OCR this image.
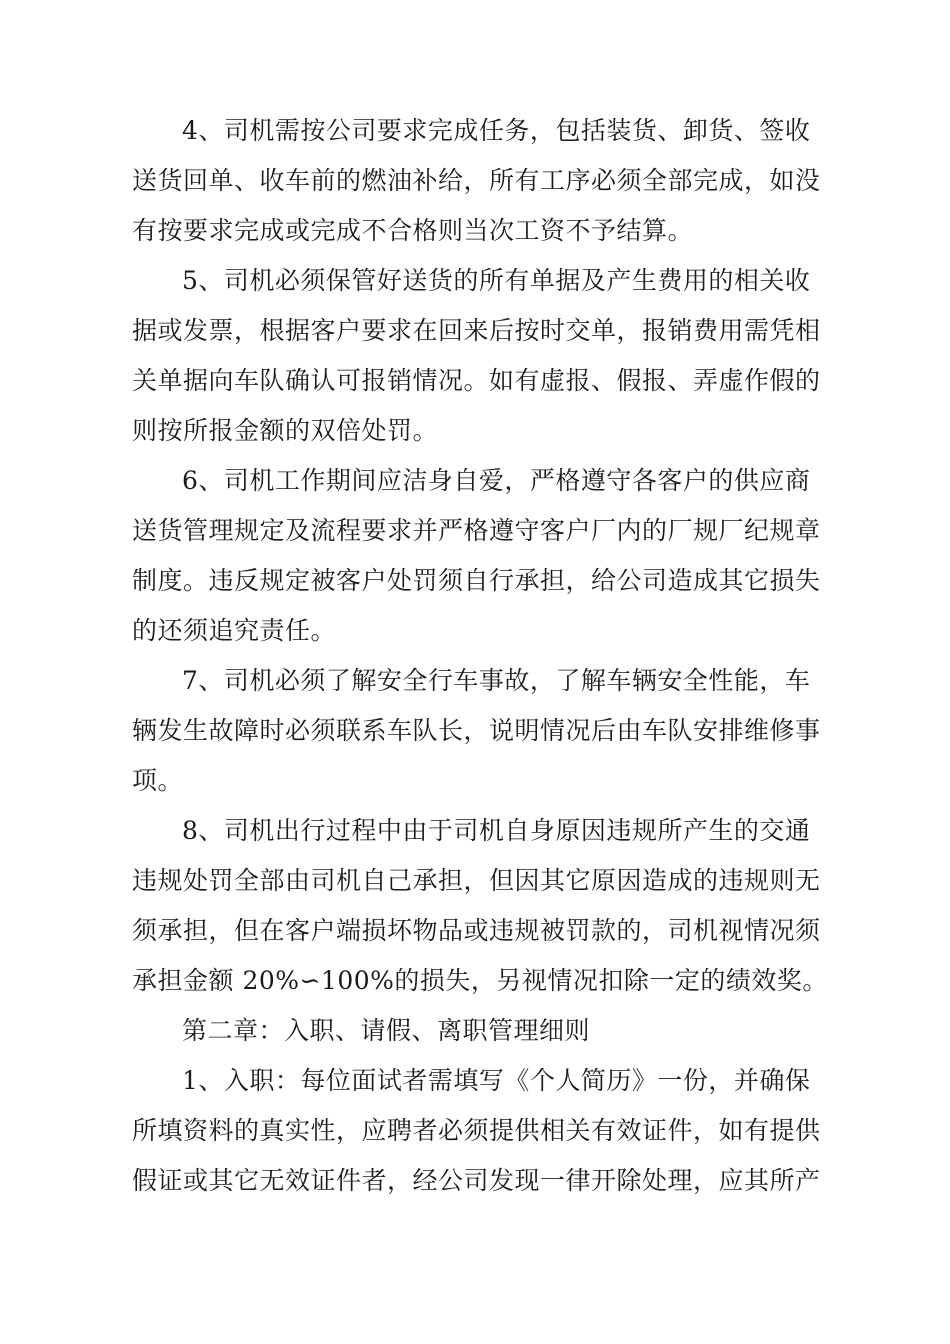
4、司机需按公司要求完成任务，包括装货、卸货、签收
送货回单、收车前的燃油补给，所有工序必须全部完成，如没
有按要求完成或完成不合格则当次工资不予结算。
5、司机必须保管好送货的所有单据及产生费用的相关收
据或发票，根据客户要求在回来后按时交单，报销费用需凭相
关单据向车队确认可报销情况。如有虚报、假报、弄虚作假的
则按所报金额的双倍处罚。
6、司机工作期间应洁身自爱，严格遵守各客户的供应商
送货管理规定及流程要求并严格遵守客户厂内的厂规厂纪规章
制度。违反规定被客户处罚须自行承担，给公司造成其它损失
的还须追究责任。
7、司机必须了解安全行车事故，了解车辆安全性能，车
辆发生故障时必须联系车队长，说明情况后由车队安排维修事
项。
8、司机出行过程中由于司机自身原因违规所产生的交通
违规处罚全部由司机自己承担，但因其它原因造成的违规则无
须承担，但在客户端损坏物品或违规被罚款的，司机视情况须
承担金额 20%∽100%的损失，另视情况扣除一定的绩效奖。
第二章：入职、请假、离职管理细则
1、入职：每位面试者需填写《个人简历》一份，并确保
所填资料的真实性，应聘者必须提供相关有效证件，如有提供
假证或其它无效证件者，经公司发现一律开除处理，应其所产
